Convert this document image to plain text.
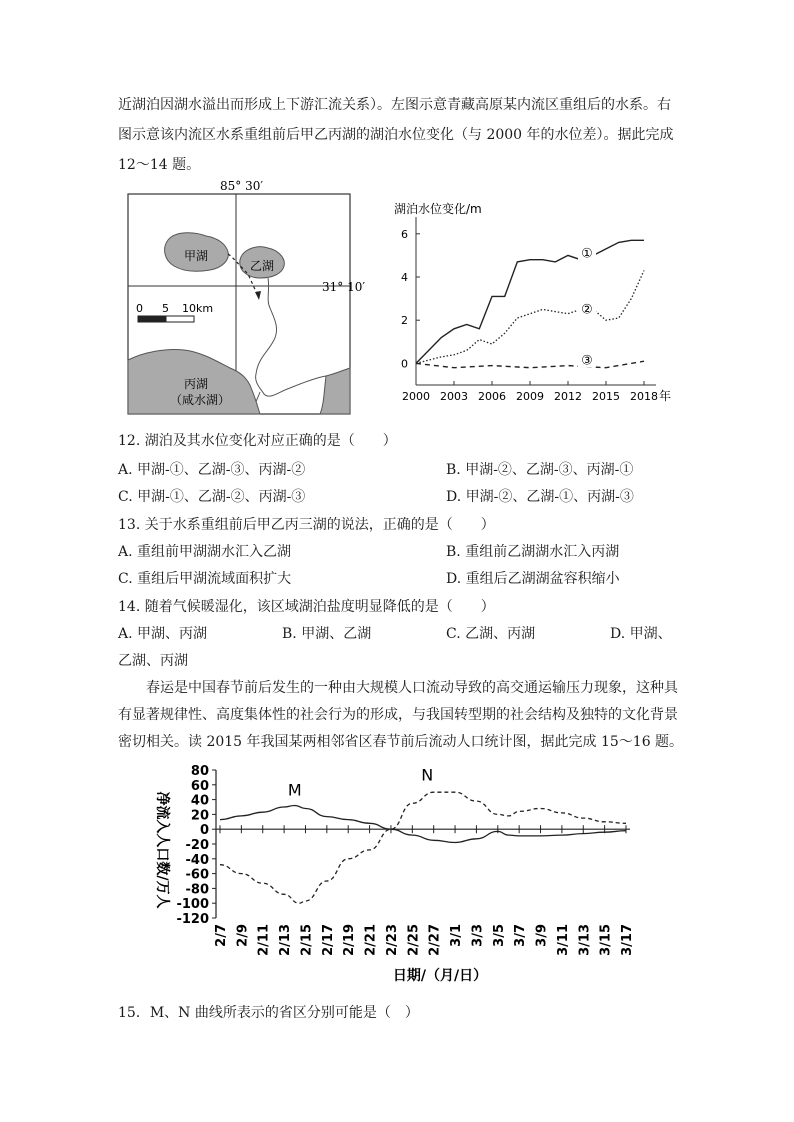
近湖泊因湖水溢出而形成上下游汇流关系）。左图示意青藏高原某内流区重组后的水系。右
图示意该内流区水系重组前后甲乙丙湖的湖泊水位变化（与 2000 年的水位差）。据此完成
12～14 题。
85° 30′
31° 10′
甲湖
乙湖
丙湖
（咸水湖）
0 5 10km
湖泊水位变化/m
年
0
2
4
6
2000 2003 2006 2009 2012 2015 2018
①
②
③
12. 湖泊及其水位变化对应正确的是（　　）
A. 甲湖-①、乙湖-③、丙湖-②	B. 甲湖-②、乙湖-③、丙湖-①
C. 甲湖-①、乙湖-②、丙湖-③	D. 甲湖-②、乙湖-①、丙湖-③
13. 关于水系重组前后甲乙丙三湖的说法，正确的是（　　）
A. 重组前甲湖湖水汇入乙湖	B. 重组前乙湖湖水汇入丙湖
C. 重组后甲湖流域面积扩大	D. 重组后乙湖湖盆容积缩小
14. 随着气候暖湿化，该区域湖泊盐度明显降低的是（　　）
A. 甲湖、丙湖	B. 甲湖、乙湖	C. 乙湖、丙湖	D. 甲湖、
乙湖、丙湖
春运是中国春节前后发生的一种由大规模人口流动导致的高交通运输压力现象，这种具
有显著规律性、高度集体性的社会行为的形成，与我国转型期的社会结构及独特的文化背景
密切相关。读 2015 年我国某两相邻省区春节前后流动人口统计图，据此完成 15～16 题。
净流入人口数/万人
日期/（月/日）
80
60
40
20
0
-20
-40
-60
-80
-100
-120
2/7 2/9 2/11 2/13 2/15 2/17 2/19 2/21 2/23 2/25 2/27 3/1 3/3 3/5 3/7 3/9 3/11 3/13 3/15 3/17
M
N
15．M、N 曲线所表示的省区分别可能是（　）
